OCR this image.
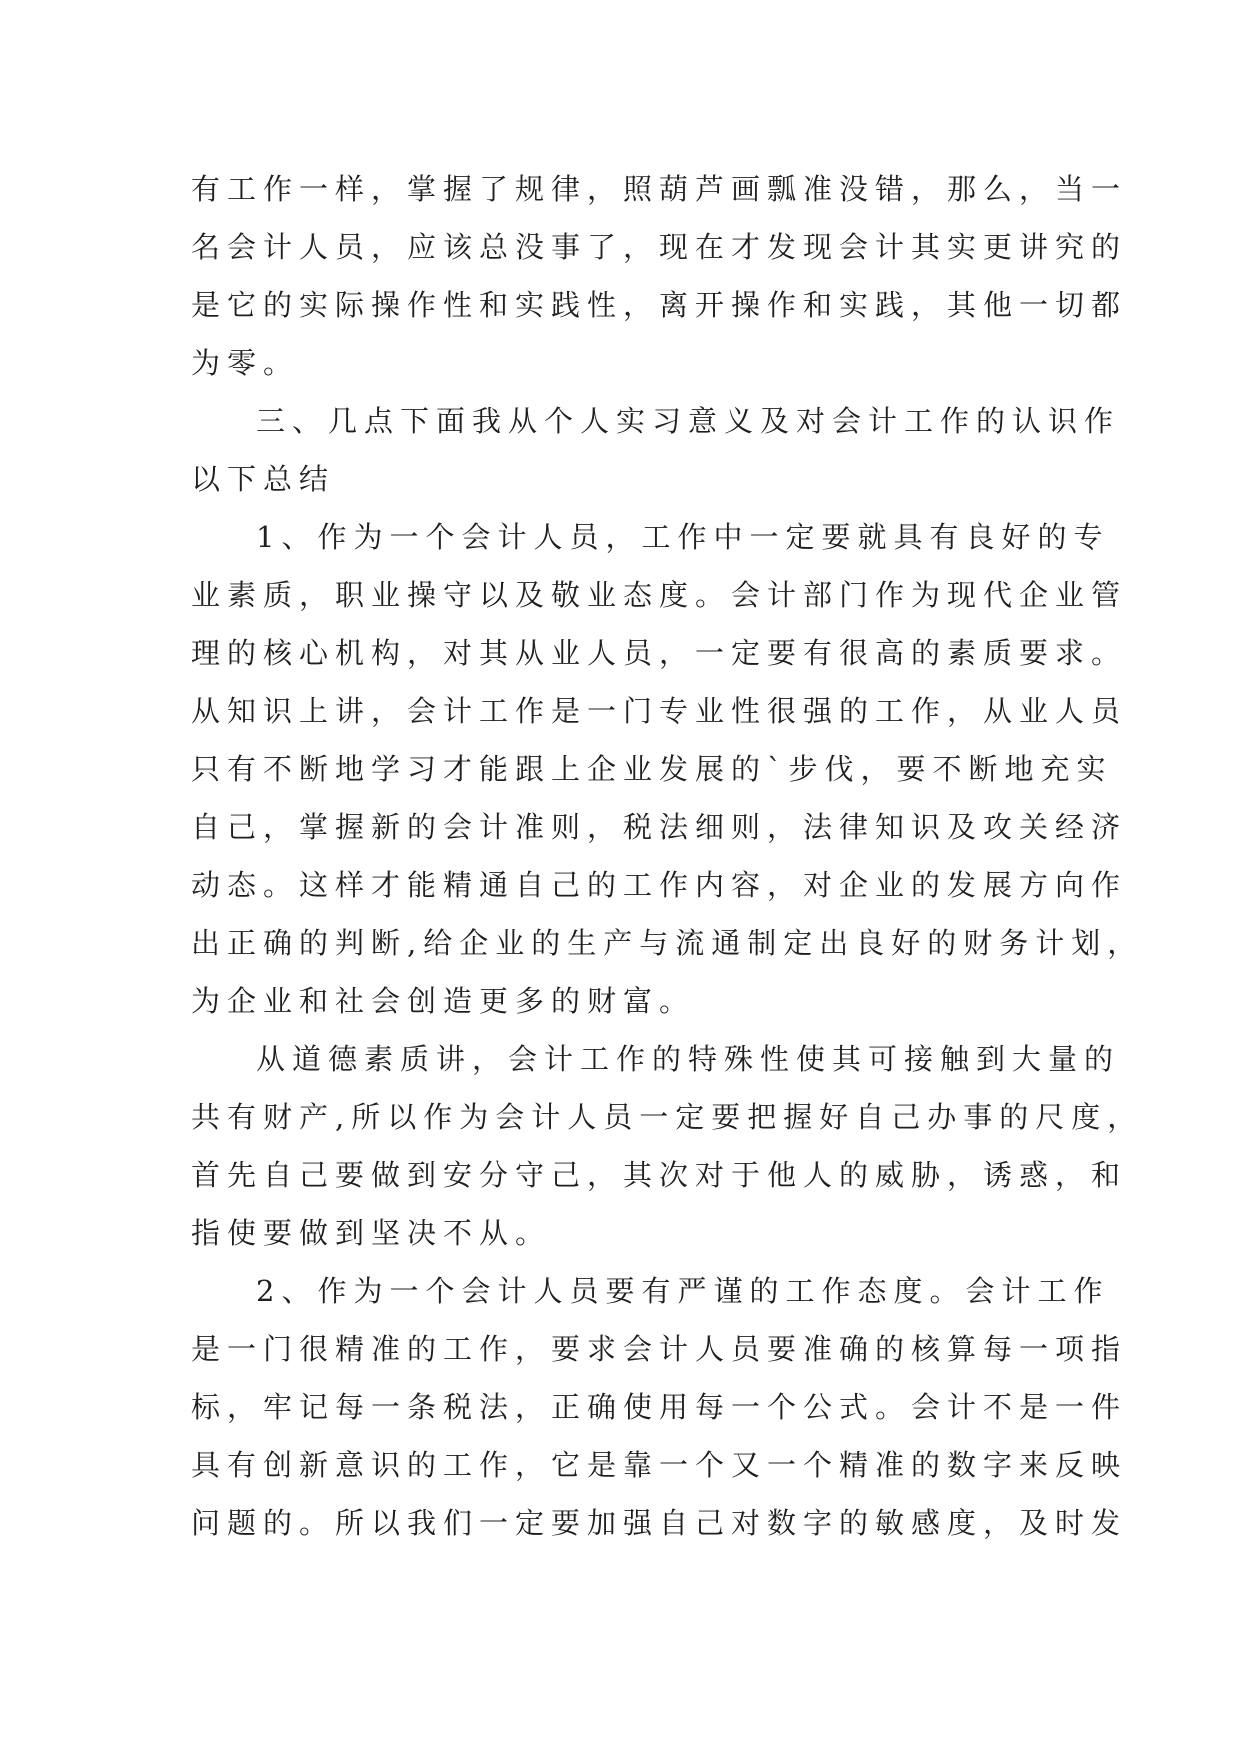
有工作一样，掌握了规律，照葫芦画瓢准没错，那么，当一
名会计人员，应该总没事了，现在才发现会计其实更讲究的
是它的实际操作性和实践性，离开操作和实践，其他一切都
为零。
三、几点下面我从个人实习意义及对会计工作的认识作
以下总结
1、作为一个会计人员，工作中一定要就具有良好的专
业素质，职业操守以及敬业态度。会计部门作为现代企业管
理的核心机构，对其从业人员，一定要有很高的素质要求。
从知识上讲，会计工作是一门专业性很强的工作，从业人员
只有不断地学习才能跟上企业发展的`步伐，要不断地充实
自己，掌握新的会计准则，税法细则，法律知识及攻关经济
动态。这样才能精通自己的工作内容，对企业的发展方向作
出正确的判断,给企业的生产与流通制定出良好的财务计划，
为企业和社会创造更多的财富。
从道德素质讲，会计工作的特殊性使其可接触到大量的
共有财产,所以作为会计人员一定要把握好自己办事的尺度，
首先自己要做到安分守己，其次对于他人的威胁，诱惑，和
指使要做到坚决不从。
2、作为一个会计人员要有严谨的工作态度。会计工作
是一门很精准的工作，要求会计人员要准确的核算每一项指
标，牢记每一条税法，正确使用每一个公式。会计不是一件
具有创新意识的工作，它是靠一个又一个精准的数字来反映
问题的。所以我们一定要加强自己对数字的敏感度，及时发
